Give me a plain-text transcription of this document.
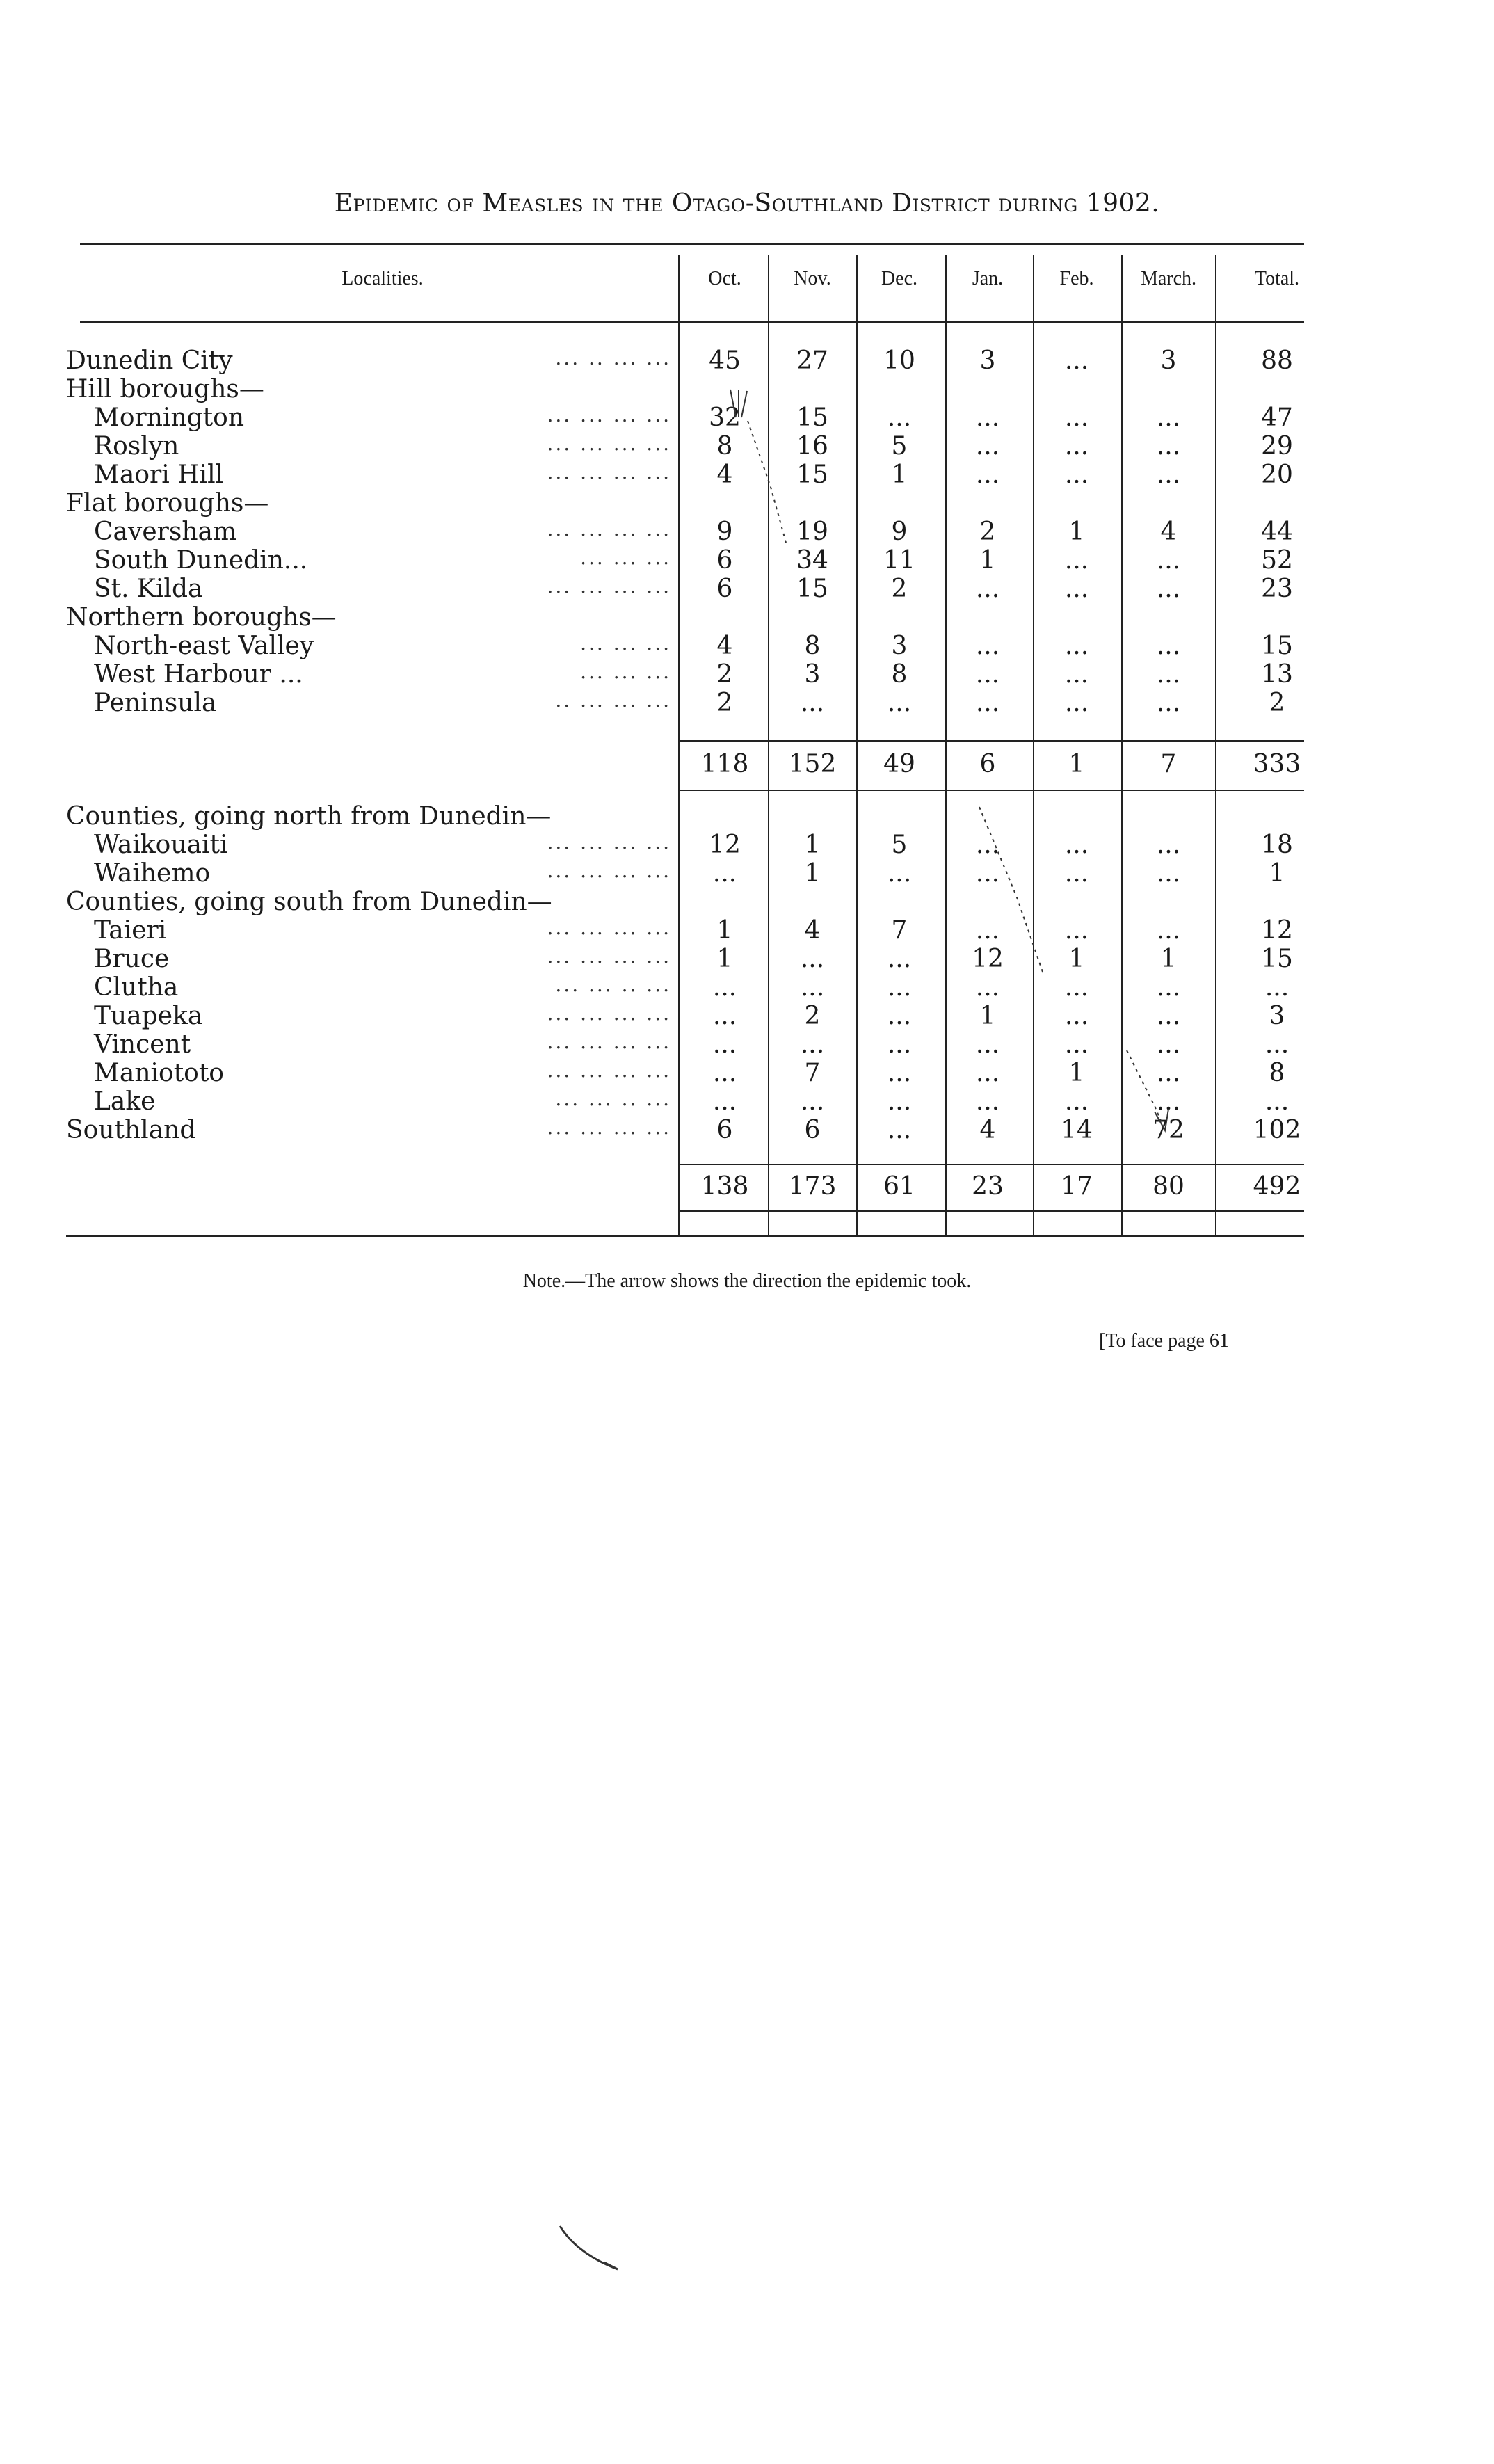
Epidemic of Measles in the Otago-Southland District during 1902.
Localities.	Oct.	Nov.	Dec.	Jan.	Feb.	March.	Total.
Dunedin City	... .. ... ...	45	27	10	3	...	3	88
Hill boroughs—
Mornington	... ... ... ...	32	15	...	...	...	...	47
Roslyn	... ... ... ...	8	16	5	...	...	...	29
Maori Hill	... ... ... ...	4	15	1	...	...	...	20
Flat boroughs—
Caversham	... ... ... ...	9	19	9	2	1	4	44
South Dunedin...	... ... ...	6	34	11	1	...	...	52
St. Kilda	... ... ... ...	6	15	2	...	...	...	23
Northern boroughs—
North-east Valley	... ... ...	4	8	3	...	...	...	15
West Harbour ...	... ... ...	2	3	8	...	...	...	13
Peninsula	.. ... ... ...	2	...	...	...	...	...	2
118	152	49	6	1	7	333
Counties, going north from Dunedin—
Waikouaiti	... ... ... ...	12	1	5	...	...	...	18
Waihemo	... ... ... ...	...	1	...	...	...	...	1
Counties, going south from Dunedin—
Taieri	... ... ... ...	1	4	7	...	...	...	12
Bruce	... ... ... ...	1	...	...	12	1	1	15
Clutha	... ... .. ...	...	...	...	...	...	...	...
Tuapeka	... ... ... ...	...	2	...	1	...	...	3
Vincent	... ... ... ...	...	...	...	...	...	...	...
Maniototo	... ... ... ...	...	7	...	...	1	...	8
Lake	... ... .. ...	...	...	...	...	...	...	...
Southland	... ... ... ...	6	6	...	4	14	72	102
138	173	61	23	17	80	492
Note.—The arrow shows the direction the epidemic took.
[To face page 61
